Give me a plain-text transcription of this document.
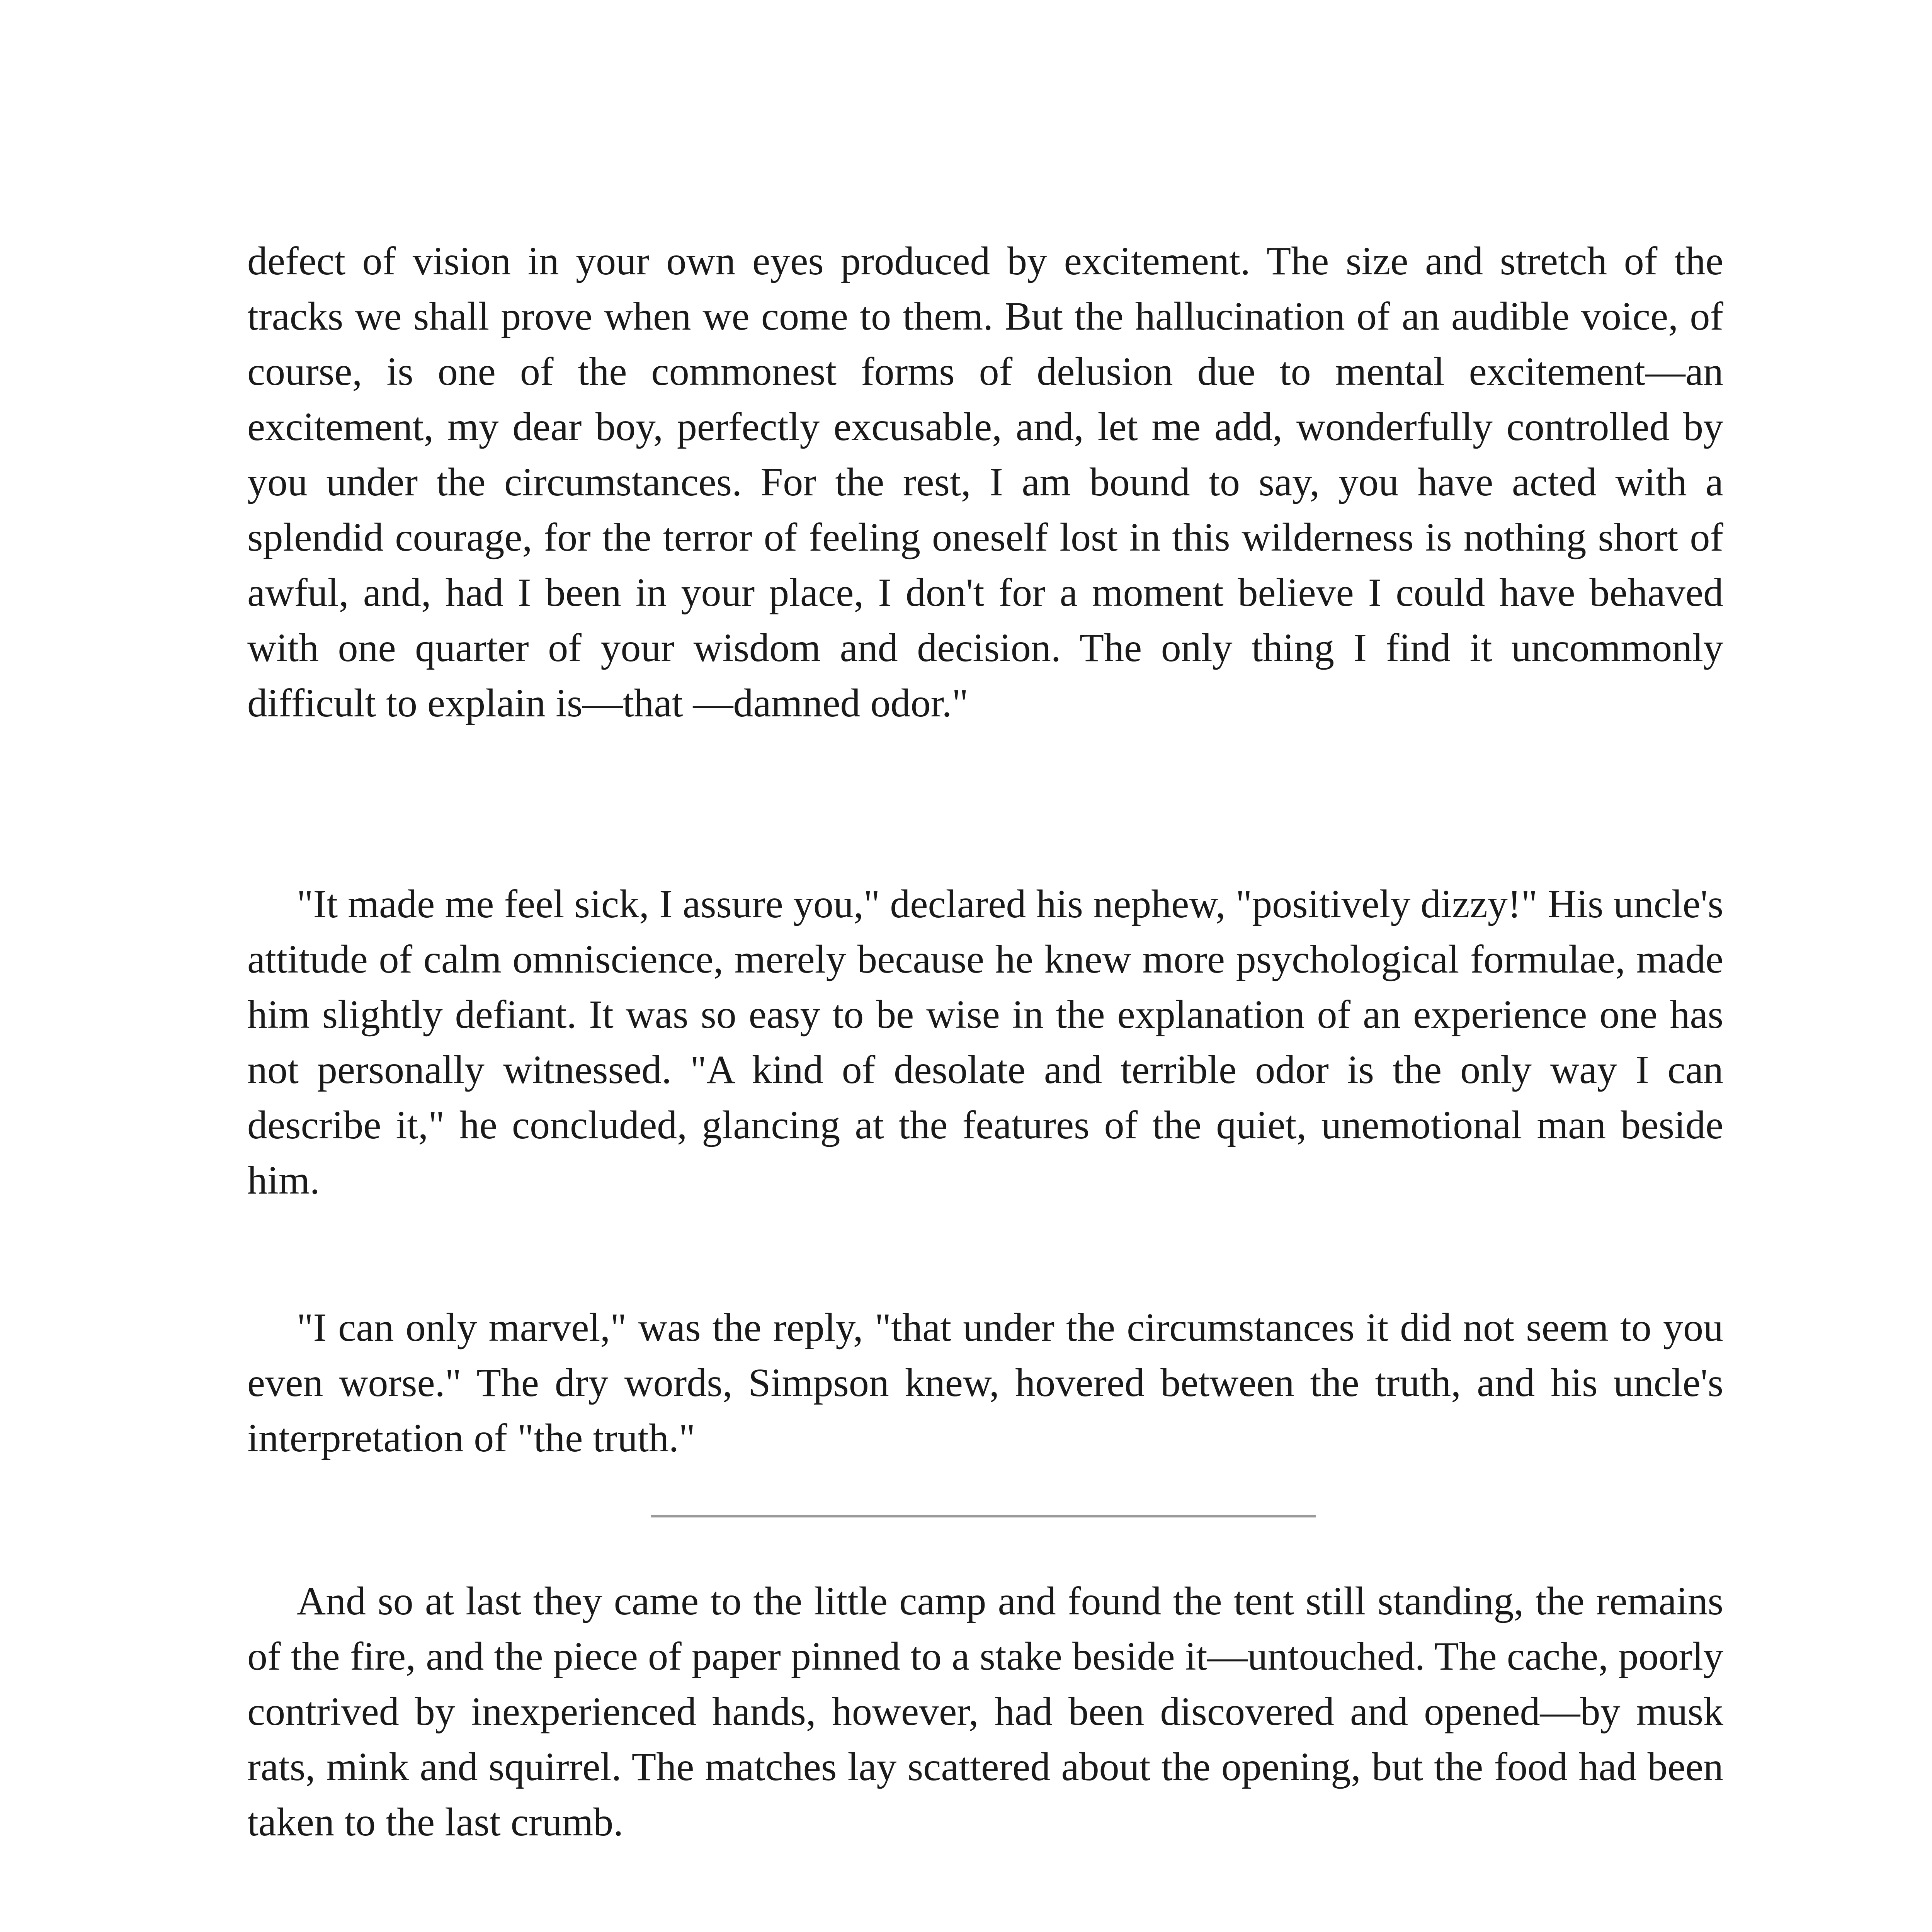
defect of vision in your own eyes produced by excitement. The size and stretch of the tracks we shall prove when we come to them. But the hallucination of an audible voice, of course, is one of the commonest forms of delusion due to mental excitement—an excitement, my dear boy, perfectly excusable, and, let me add, wonderfully controlled by you under the circumstances. For the rest, I am bound to say, you have acted with a splendid courage, for the terror of feeling oneself lost in this wilderness is nothing short of awful, and, had I been in your place, I don't for a moment believe I could have behaved with one quarter of your wisdom and decision. The only thing I find it uncommonly difficult to explain is—that —damned odor."

"It made me feel sick, I assure you," declared his nephew, "positively dizzy!" His uncle's attitude of calm omniscience, merely because he knew more psychological formulae, made him slightly defiant. It was so easy to be wise in the explanation of an experience one has not personally witnessed. "A kind of desolate and terrible odor is the only way I can describe it," he concluded, glancing at the features of the quiet, unemotional man beside him.

"I can only marvel," was the reply, "that under the circumstances it did not seem to you even worse." The dry words, Simpson knew, hovered between the truth, and his uncle's interpretation of "the truth."

And so at last they came to the little camp and found the tent still standing, the remains of the fire, and the piece of paper pinned to a stake beside it—untouched. The cache, poorly contrived by inexperienced hands, however, had been discovered and opened—by musk rats, mink and squirrel. The matches lay scattered about the opening, but the food had been taken to the last crumb.
